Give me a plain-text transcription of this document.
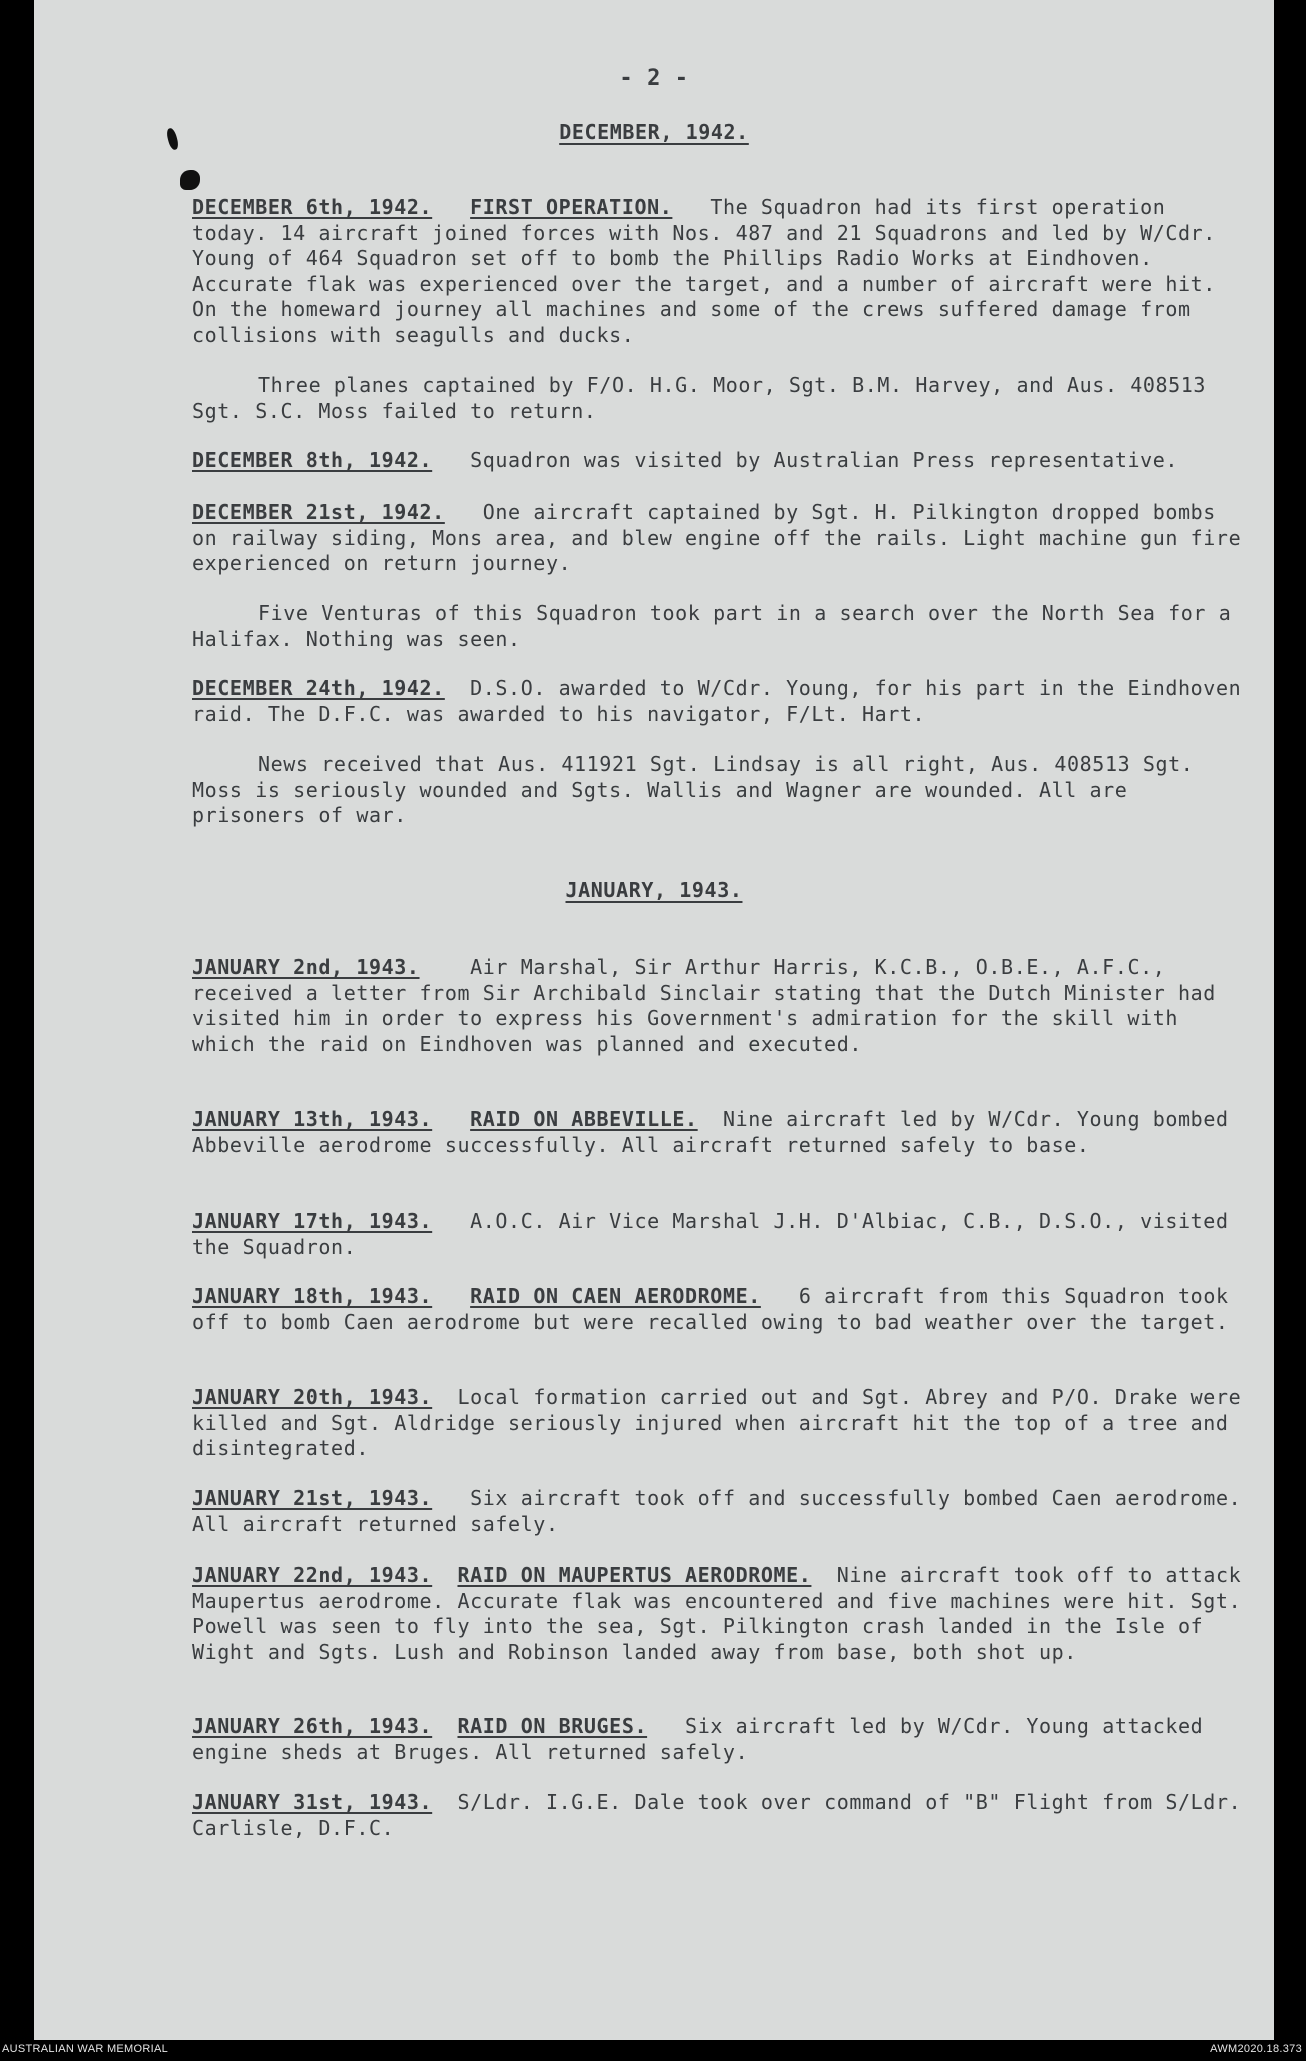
- 2 -
DECEMBER, 1942.

DECEMBER 6th, 1942. FIRST OPERATION. The Squadron had its first operation today. 14 aircraft joined forces with Nos. 487 and 21 Squadrons and led by W/Cdr. Young of 464 Squadron set off to bomb the Phillips Radio Works at Eindhoven. Accurate flak was experienced over the target, and a number of aircraft were hit. On the homeward journey all machines and some of the crews suffered damage from collisions with seagulls and ducks.

Three planes captained by F/O. H.G. Moor, Sgt. B.M. Harvey, and Aus. 408513 Sgt. S.C. Moss failed to return.

DECEMBER 8th, 1942. Squadron was visited by Australian Press representative.

DECEMBER 21st, 1942. One aircraft captained by Sgt. H. Pilkington dropped bombs on railway siding, Mons area, and blew engine off the rails. Light machine gun fire experienced on return journey.

Five Venturas of this Squadron took part in a search over the North Sea for a Halifax. Nothing was seen.

DECEMBER 24th, 1942. D.S.O. awarded to W/Cdr. Young, for his part in the Eindhoven raid. The D.F.C. was awarded to his navigator, F/Lt. Hart.

News received that Aus. 411921 Sgt. Lindsay is all right, Aus. 408513 Sgt. Moss is seriously wounded and Sgts. Wallis and Wagner are wounded. All are prisoners of war.

JANUARY, 1943.

JANUARY 2nd, 1943.	Air Marshal, Sir Arthur Harris, K.C.B., O.B.E., A.F.C., received a letter from Sir Archibald Sinclair stating that the Dutch Minister had visited him in order to express his Government's admiration for the skill with which the raid on Eindhoven was planned and executed.

JANUARY 13th, 1943. RAID ON ABBEVILLE. Nine aircraft led by W/Cdr. Young bombed Abbeville aerodrome successfully. All aircraft returned safely to base.

JANUARY 17th, 1943. A.O.C. Air Vice Marshal J.H. D'Albiac, C.B., D.S.O., visited the Squadron.

JANUARY 18th, 1943. RAID ON CAEN AERODROME. 6 aircraft from this Squadron took off to bomb Caen aerodrome but were recalled owing to bad weather over the target.

JANUARY 20th, 1943. Local formation carried out and Sgt. Abrey and P/O. Drake were killed and Sgt. Aldridge seriously injured when aircraft hit the top of a tree and disintegrated.

JANUARY 21st, 1943. Six aircraft took off and successfully bombed Caen aerodrome. All aircraft returned safely.

JANUARY 22nd, 1943. RAID ON MAUPERTUS AERODROME. Nine aircraft took off to attack Maupertus aerodrome. Accurate flak was encountered and five machines were hit. Sgt. Powell was seen to fly into the sea, Sgt. Pilkington crash landed in the Isle of Wight and Sgts. Lush and Robinson landed away from base, both shot up.

JANUARY 26th, 1943. RAID ON BRUGES. Six aircraft led by W/Cdr. Young attacked engine sheds at Bruges. All returned safely.

JANUARY 31st, 1943. S/Ldr. I.G.E. Dale took over command of "B" Flight from S/Ldr. Carlisle, D.F.C.

AUSTRALIAN WAR MEMORIAL	AWM2020.18.373
